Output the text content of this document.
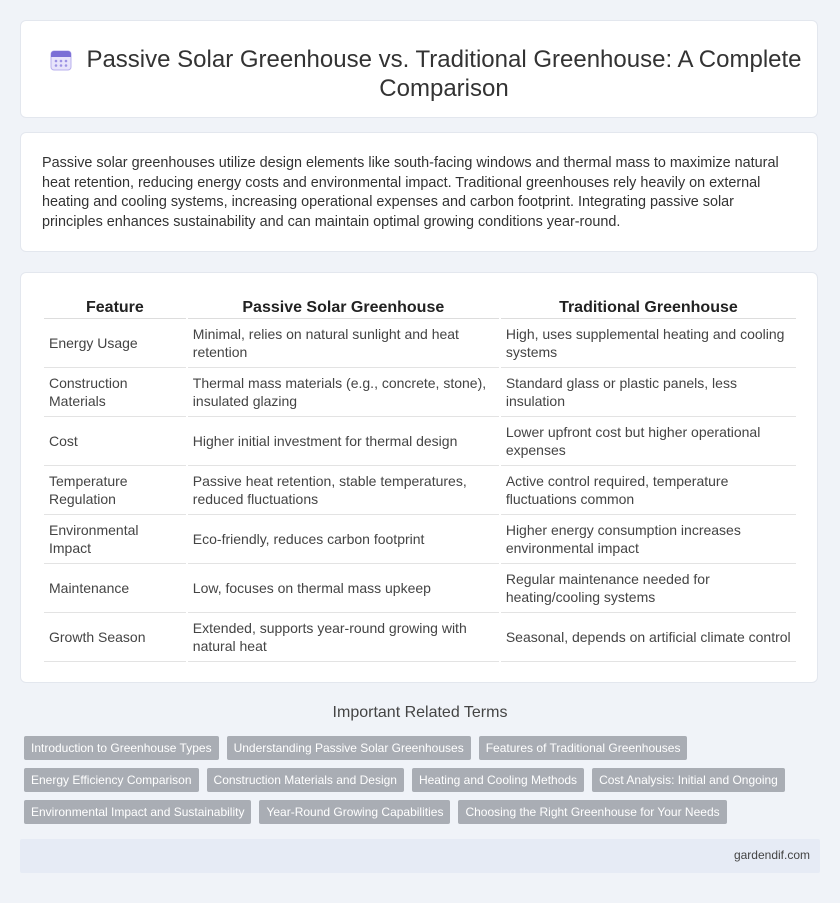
Passive Solar Greenhouse vs. Traditional Greenhouse: A Complete Comparison

Passive solar greenhouses utilize design elements like south-facing windows and thermal mass to maximize natural heat retention, reducing energy costs and environmental impact. Traditional greenhouses rely heavily on external heating and cooling systems, increasing operational expenses and carbon footprint. Integrating passive solar principles enhances sustainability and can maintain optimal growing conditions year-round.

Feature	Passive Solar Greenhouse	Traditional Greenhouse
Energy Usage	Minimal, relies on natural sunlight and heat retention	High, uses supplemental heating and cooling systems
Construction Materials	Thermal mass materials (e.g., concrete, stone), insulated glazing	Standard glass or plastic panels, less insulation
Cost	Higher initial investment for thermal design	Lower upfront cost but higher operational expenses
Temperature Regulation	Passive heat retention, stable temperatures, reduced fluctuations	Active control required, temperature fluctuations common
Environmental Impact	Eco-friendly, reduces carbon footprint	Higher energy consumption increases environmental impact
Maintenance	Low, focuses on thermal mass upkeep	Regular maintenance needed for heating/cooling systems
Growth Season	Extended, supports year-round growing with natural heat	Seasonal, depends on artificial climate control
Important Related Terms
Introduction to Greenhouse Types	Understanding Passive Solar Greenhouses	Features of Traditional Greenhouses
Energy Efficiency Comparison	Construction Materials and Design	Heating and Cooling Methods	Cost Analysis: Initial and Ongoing
Environmental Impact and Sustainability	Year-Round Growing Capabilities	Choosing the Right Greenhouse for Your Needs
gardendif.com
